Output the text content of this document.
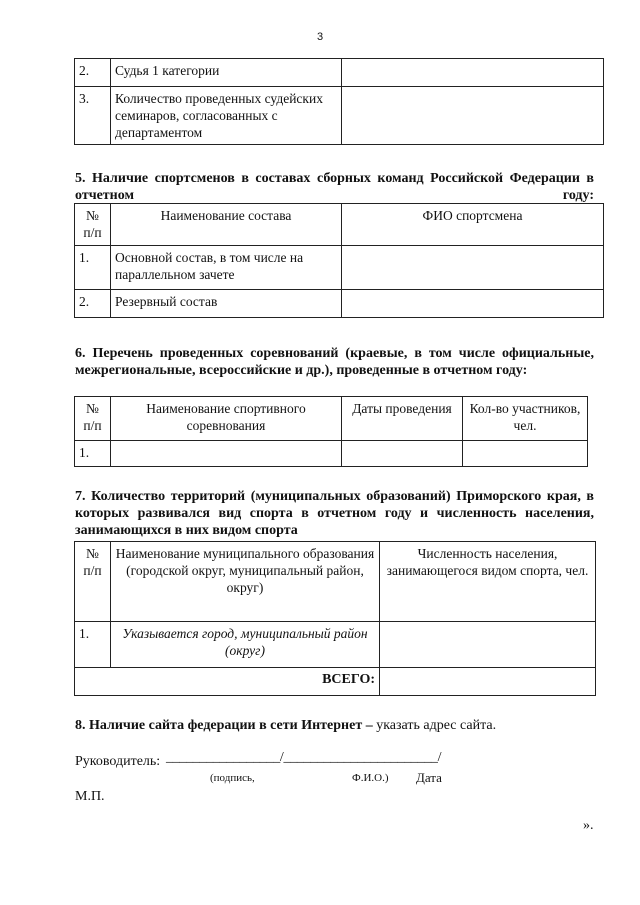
3
2.	Судья 1 категории	
3.	Количество проведенных судейских семинаров, согласованных с департаментом	
5. Наличие спортсменов в составах сборных команд Российской Федерации в отчетном году:
№ п/п	Наименование состава	ФИО спортсмена
1.	Основной состав, в том числе на параллельном зачете	
2.	Резервный состав	
6. Перечень проведенных соревнований (краевые, в том числе официальные, межрегиональные, всероссийские и др.), проведенные в отчетном году:
№ п/п	Наименование спортивного соревнования	Даты проведения	Кол-во участников, чел.
1.			
7. Количество территорий (муниципальных образований) Приморского края, в которых развивался вид спорта в отчетном году и численность населения, занимающихся в них видом спорта
№ п/п	Наименование муниципального образования (городской округ, муниципальный район, округ)	Численность населения, занимающегося видом спорта, чел.
1.	Указывается город, муниципальный район (округ)	
ВСЕГО:		
8. Наличие сайта федерации в сети Интернет – указать адрес сайта.
Руководитель: _________________/_______________________/
(подпись,	Ф.И.О.) Дата
М.П.
».
